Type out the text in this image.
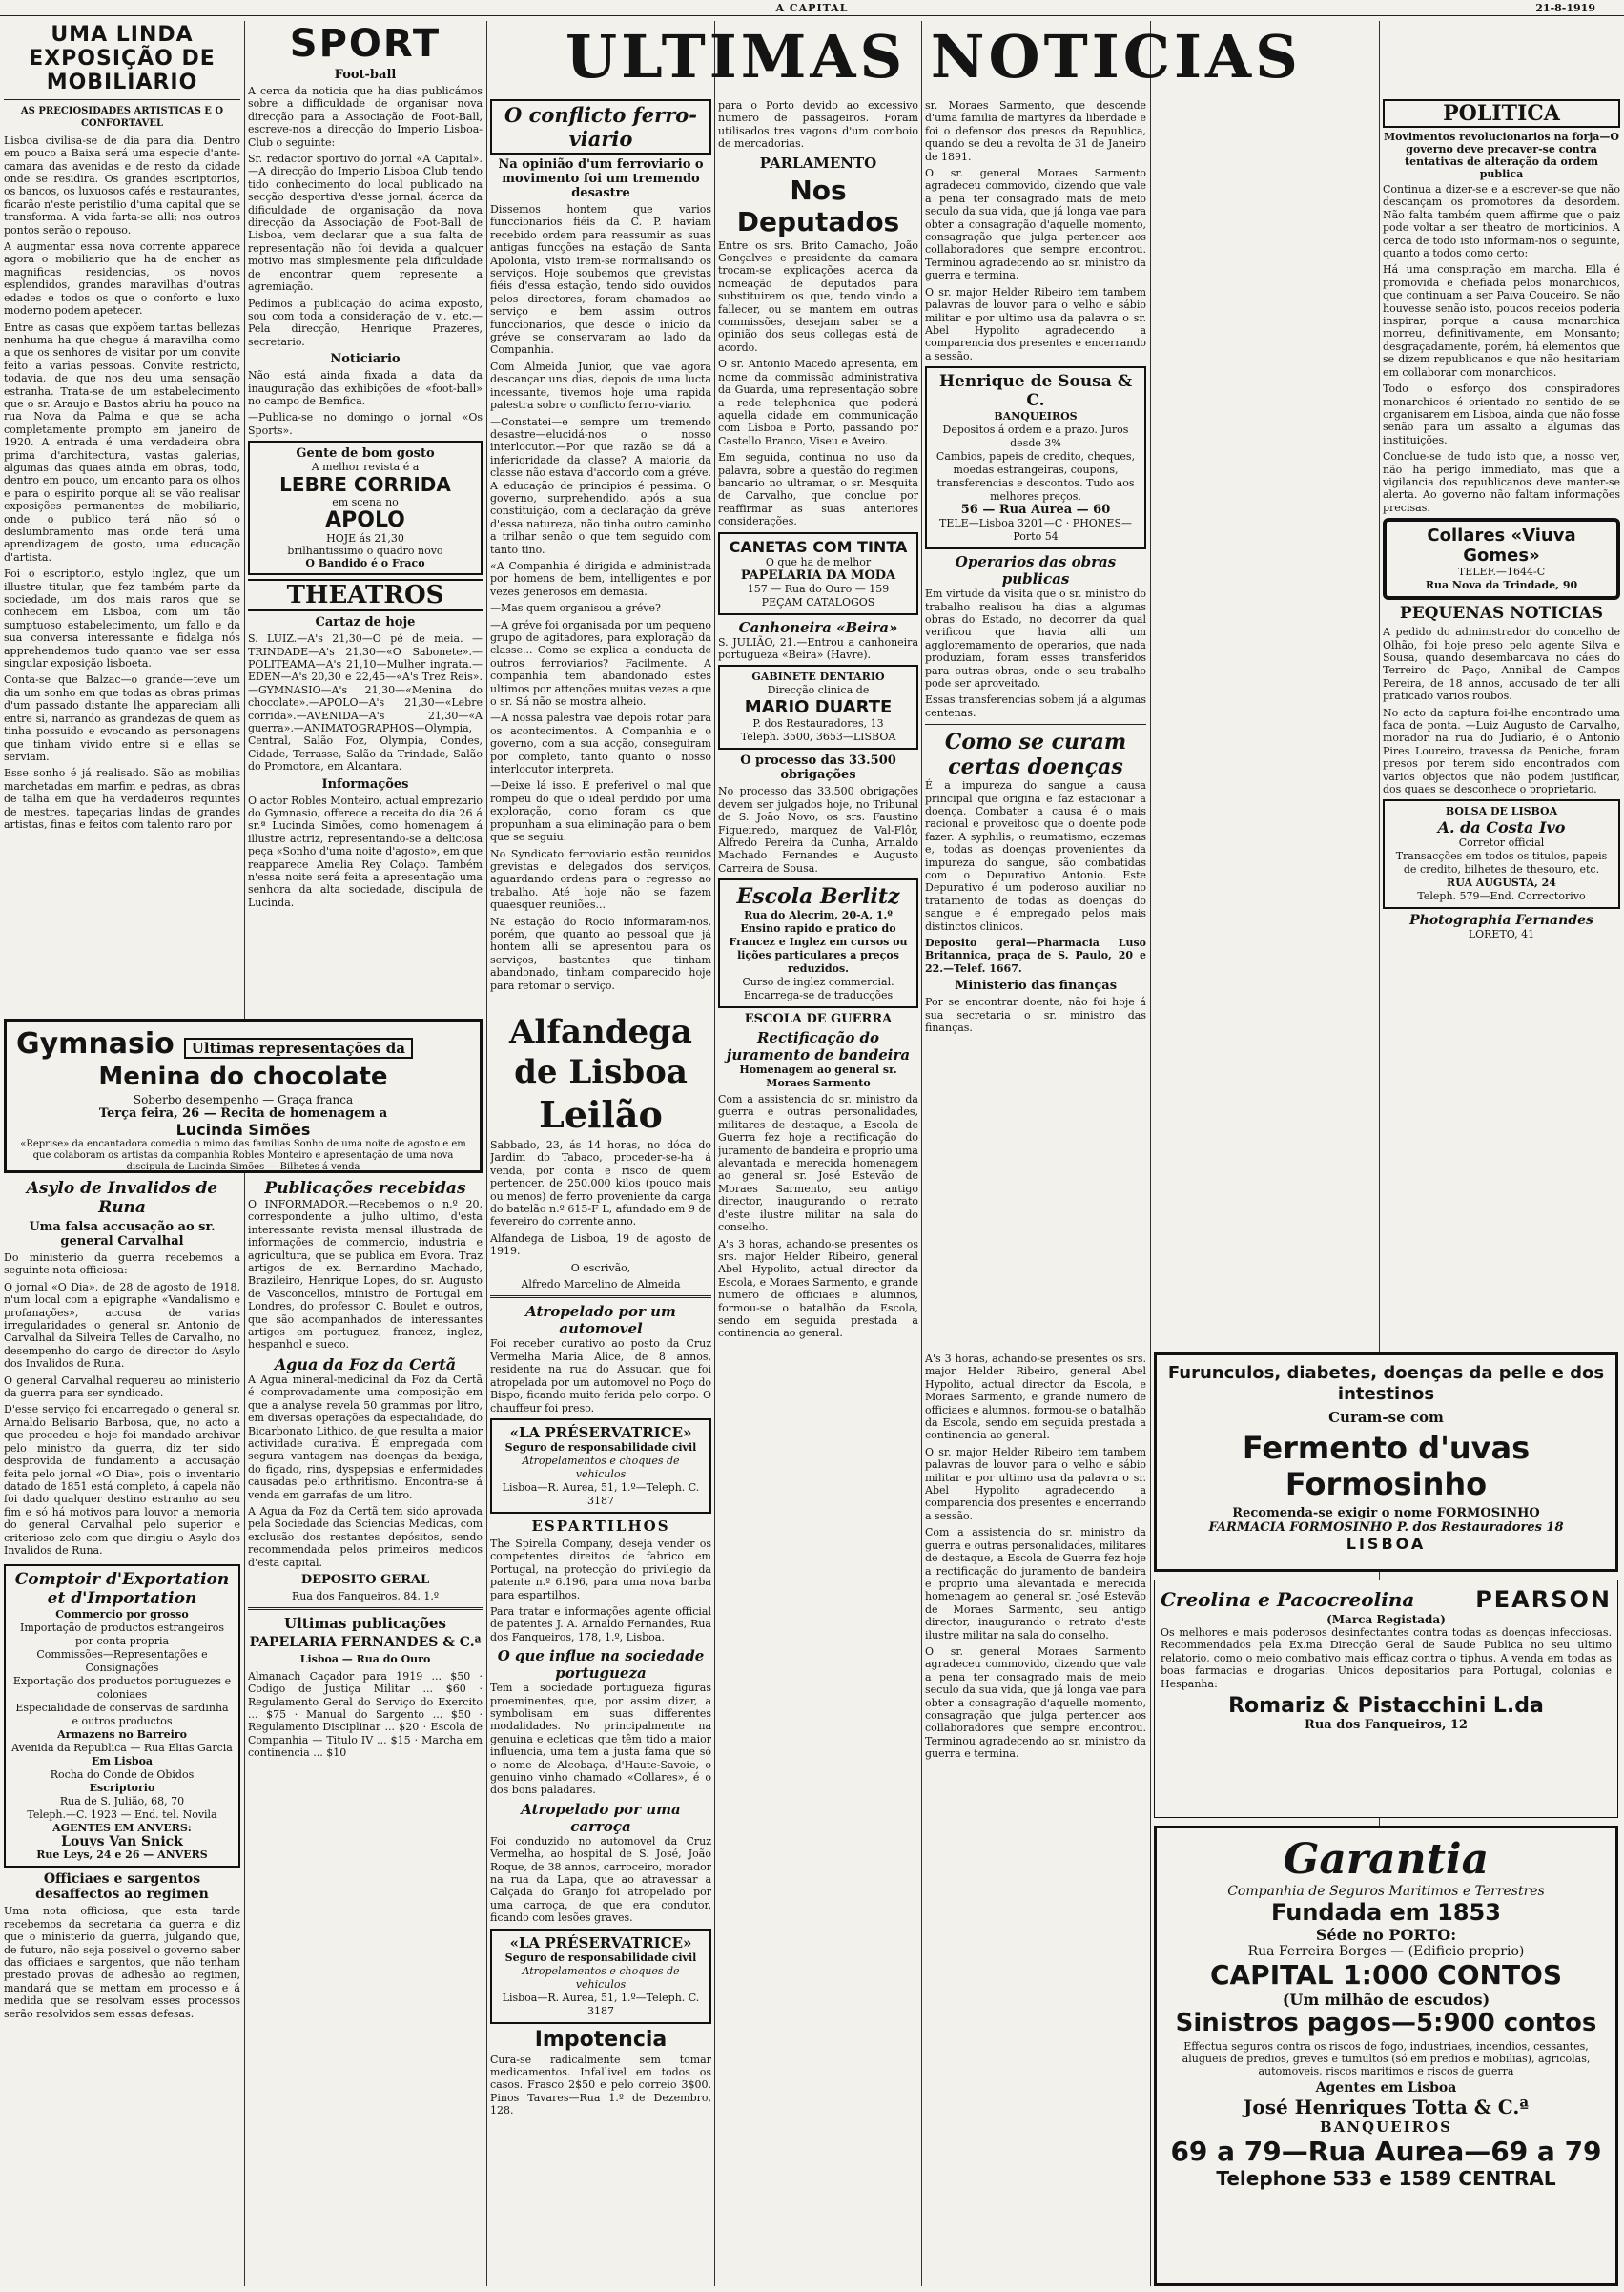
A CAPITAL	21-8-1919
UMA LINDA EXPOSIÇÃO DE MOBILIARIO
AS PRECIOSIDADES ARTISTICAS E O CONFORTAVEL

Lisboa civilisa-se de dia para dia. Dentro em pouco a Baixa será uma especie d'ante-camara das avenidas e de resto da cidade onde se residira. Os grandes escriptorios, os bancos, os luxuosos cafés e restaurantes, ficarão n'este peristilio d'uma capital que se transforma. A vida farta-se alli; nos outros pontos serão o repouso.

A augmentar essa nova corrente apparece agora o mobiliario que ha de encher as magnificas residencias, os novos esplendidos, grandes maravilhas d'outras edades e todos os que o conforto e luxo moderno podem apetecer.

Entre as casas que expõem tantas bellezas nenhuma ha que chegue á maravilha como a que os senhores de visitar por um convite feito a varias pessoas. Convite restricto, todavia, de que nos deu uma sensação estranha. Trata-se de um estabelecimento que o sr. Araujo e Bastos abriu ha pouco na rua Nova da Palma e que se acha completamente prompto em janeiro de 1920. A entrada é uma verdadeira obra prima d'architectura, vastas galerias, algumas das quaes ainda em obras, todo, dentro em pouco, um encanto para os olhos e para o espirito porque ali se vão realisar exposições permanentes de mobiliario, onde o publico terá não só o deslumbramento mas onde terá uma aprendizagem de gosto, uma educação d'artista.

Foi o escriptorio, estylo inglez, que um illustre titular, que fez também parte da sociedade, um dos mais raros que se conhecem em Lisboa, com um tão sumptuoso estabelecimento, um fallo e da sua conversa interessante e fidalga nós apprehendemos tudo quanto vae ser essa singular exposição lisboeta.

Conta-se que Balzac—o grande—teve um dia um sonho em que todas as obras primas d'um passado distante lhe appareciam alli entre si, narrando as grandezas de quem as tinha possuido e evocando as personagens que tinham vivido entre si e ellas se serviam.

Esse sonho é já realisado. São as mobilias marchetadas em marfim e pedras, as obras de talha em que ha verdadeiros requintes de mestres, tapeçarias lindas de grandes artistas, finas e feitos com talento raro por

Gymnasio	Ultimas representações da
Menina do chocolate
Soberbo desempenho — Graça franca
Terça feira, 26 — Recita de homenagem a
Lucinda Simões
«Reprise» da encantadora comedia o mimo das familias Sonho de uma noite de agosto e em que colaboram os artistas da companhia Robles Monteiro e apresentação de uma nova discipula de Lucinda Simões — Bilhetes á venda
Asylo de Invalidos de Runa
Uma falsa accusação ao sr. general Carvalhal

Do ministerio da guerra recebemos a seguinte nota officiosa:

O jornal «O Dia», de 28 de agosto de 1918, n'um local com a epigraphe «Vandalismo e profanações», accusa de varias irregularidades o general sr. Antonio de Carvalhal da Silveira Telles de Carvalho, no desempenho do cargo de director do Asylo dos Invalidos de Runa.

O general Carvalhal requereu ao ministerio da guerra para ser syndicado.

D'esse serviço foi encarregado o general sr. Arnaldo Belisario Barbosa, que, no acto a que procedeu e hoje foi mandado archivar pelo ministro da guerra, diz ter sido desprovida de fundamento a accusação feita pelo jornal «O Dia», pois o inventario datado de 1851 está completo, á capela não foi dado qualquer destino estranho ao seu fim e só há motivos para louvor a memoria do general Carvalhal pelo superior e criterioso zelo com que dirigiu o Asylo dos Invalidos de Runa.

Comptoir d'Exportation et d'Importation

Commercio por grosso

Importação de productos estrangeiros por conta propria

Commissões—Representações e Consignações

Exportação dos productos portuguezes e coloniaes

Especialidade de conservas de sardinha e outros productos

Armazens no Barreiro

Avenida da Republica — Rua Elias Garcia

Em Lisboa

Rocha do Conde de Obidos

Escriptorio

Rua de S. Julião, 68, 70

Teleph.—C. 1923 — End. tel. Novila

AGENTES EM ANVERS:

Louys Van Snick

Rue Leys, 24 e 26 — ANVERS

Officiaes e sargentos desaffectos ao regimen

Uma nota officiosa, que esta tarde recebemos da secretaria da guerra e diz que o ministerio da guerra, julgando que, de futuro, não seja possivel o governo saber das officiaes e sargentos, que não tenham prestado provas de adhesão ao regimen, mandará que se mettam em processo e á medida que se resolvam esses processos serão resolvidos sem essas defesas.

SPORT
Foot-ball

A cerca da noticia que ha dias publicámos sobre a difficuldade de organisar nova direcção para a Associação de Foot-Ball, escreve-nos a direcção do Imperio Lisboa-Club o seguinte:

Sr. redactor sportivo do jornal «A Capital».—A direcção do Imperio Lisboa Club tendo tido conhecimento do local publicado na secção desportiva d'esse jornal, ácerca da dificuldade de organisação da nova direcção da Associação de Foot-Ball de Lisboa, vem declarar que a sua falta de representação não foi devida a qualquer motivo mas simplesmente pela dificuldade de encontrar quem represente a agremiação.

Pedimos a publicação do acima exposto, sou com toda a consideração de v., etc.—Pela direcção, Henrique Prazeres, secretario.

Noticiario

Não está ainda fixada a data da inauguração das exhibições de «foot-ball» no campo de Bemfica.

—Publica-se no domingo o jornal «Os Sports».

Gente de bom gosto
A melhor revista é a
LEBRE CORRIDA
em scena no
APOLO
HOJE ás 21,30
brilhantissimo o quadro novo
O Bandido é o Fraco
THEATROS
Cartaz de hoje

S. LUIZ.—A's 21,30—O pé de meia. —TRINDADE—A's 21,30—«O Sabonete».—POLITEAMA—A's 21,10—Mulher ingrata.—EDEN—A's 20,30 e 22,45—«A's Trez Reis».—GYMNASIO—A's 21,30—«Menina do chocolate».—APOLO—A's 21,30—«Lebre corrida».—AVENIDA—A's 21,30—«A guerra».—ANIMATOGRAPHOS—Olympia, Central, Salão Foz, Olympia, Condes, Cidade, Terrasse, Salão da Trindade, Salão do Promotora, em Alcantara.

Informações

O actor Robles Monteiro, actual emprezario do Gymnasio, offerece a receita do dia 26 á sr.ª Lucinda Simões, como homenagem á illustre actriz, representando-se a deliciosa peça «Sonho d'uma noite d'agosto», em que reapparece Amelia Rey Colaço. Também n'essa noite será feita a apresentação uma senhora da alta sociedade, discipula de Lucinda.

Publicações recebidas

O INFORMADOR.—Recebemos o n.º 20, correspondente a julho ultimo, d'esta interessante revista mensal illustrada de informações de commercio, industria e agricultura, que se publica em Evora. Traz artigos de ex. Bernardino Machado, Brazileiro, Henrique Lopes, do sr. Augusto de Vasconcellos, ministro de Portugal em Londres, do professor C. Boulet e outros, que são acompanhados de interessantes artigos em portuguez, francez, inglez, hespanhol e sueco.

Agua da Foz da Certã

A Agua mineral-medicinal da Foz da Certã é comprovadamente uma composição em que a analyse revela 50 grammas por litro, em diversas operações da especialidade, do Bicarbonato Lithico, de que resulta a maior actividade curativa. É empregada com segura vantagem nas doenças da bexiga, do figado, rins, dyspepsias e enfermidades causadas pelo arthritismo. Encontra-se á venda em garrafas de um litro.

A Agua da Foz da Certã tem sido aprovada pela Sociedade das Sciencias Medicas, com exclusão dos restantes depósitos, sendo recommendada pelos primeiros medicos d'esta capital.

DEPOSITO GERAL
Rua dos Fanqueiros, 84, 1.º
Ultimas publicações
PAPELARIA FERNANDES & C.ª
Lisboa — Rua do Ouro

Almanach Caçador para 1919 ... $50 · Codigo de Justiça Militar ... $60 · Regulamento Geral do Serviço do Exercito ... $75 · Manual do Sargento ... $50 · Regulamento Disciplinar ... $20 · Escola de Companhia — Titulo IV ... $15 · Marcha em continencia ... $10

ULTIMAS NOTICIAS
O conflicto ferro-viario
Na opinião d'um ferroviario o movimento foi um tremendo desastre

Dissemos hontem que varios funccionarios fiéis da C. P. haviam recebido ordem para reassumir as suas antigas funcções na estação de Santa Apolonia, visto irem-se normalisando os serviços. Hoje soubemos que grevistas fiéis d'essa estação, tendo sido ouvidos pelos directores, foram chamados ao serviço e bem assim outros funccionarios, que desde o inicio da gréve se conservaram ao lado da Companhia.

Com Almeida Junior, que vae agora descançar uns dias, depois de uma lucta incessante, tivemos hoje uma rapida palestra sobre o conflicto ferro-viario.

—Constatei—e sempre um tremendo desastre—elucidá-nos o nosso interlocutor.—Por que razão se dá a inferioridade da classe? A maioria da classe não estava d'accordo com a gréve. A educação de principios é pessima. O governo, surprehendido, após a sua constituição, com a declaração da gréve d'essa natureza, não tinha outro caminho a trilhar senão o que tem seguido com tanto tino.

«A Companhia é dirigida e administrada por homens de bem, intelligentes e por vezes generosos em demasia.

—Mas quem organisou a gréve?

—A gréve foi organisada por um pequeno grupo de agitadores, para exploração da classe... Como se explica a conducta de outros ferroviarios? Facilmente. A companhia tem abandonado estes ultimos por attenções muitas vezes a que o sr. Sá não se mostra alheio.

—A nossa palestra vae depois rotar para os acontecimentos. A Companhia e o governo, com a sua acção, conseguiram por completo, tanto quanto o nosso interlocutor interpreta.

—Deixe lá isso. É preferivel o mal que rompeu do que o ideal perdido por uma exploração, como foram os que propunham a sua eliminação para o bem que se seguiu.

No Syndicato ferroviario estão reunidos grevistas e delegados dos serviços, aguardando ordens para o regresso ao trabalho. Até hoje não se fazem quaesquer reuniões...

Na estação do Rocio informaram-nos, porém, que quanto ao pessoal que já hontem alli se apresentou para os serviços, bastantes que tinham abandonado, tinham comparecido hoje para retomar o serviço.

para o Porto devido ao excessivo numero de passageiros. Foram utilisados tres vagons d'um comboio de mercadorias.

PARLAMENTO
Nos Deputados

Entre os srs. Brito Camacho, João Gonçalves e presidente da camara trocam-se explicações acerca da nomeação de deputados para substituirem os que, tendo vindo a fallecer, ou se mantem em outras commissões, desejam saber se a opinião dos seus collegas está de acordo.

O sr. Antonio Macedo apresenta, em nome da commissão administrativa da Guarda, uma representação sobre a rede telephonica que poderá aquella cidade em communicação com Lisboa e Porto, passando por Castello Branco, Viseu e Aveiro.

Em seguida, continua no uso da palavra, sobre a questão do regimen bancario no ultramar, o sr. Mesquita de Carvalho, que conclue por reaffirmar as suas anteriores considerações.

CANETAS COM TINTA

O que ha de melhor

PAPELARIA DA MODA

157 — Rua do Ouro — 159

PEÇAM CATALOGOS

Canhoneira «Beira»

S. JULIÃO, 21.—Entrou a canhoneira portugueza «Beira» (Havre).

GABINETE DENTARIO

Direcção clinica de

MARIO DUARTE

P. dos Restauradores, 13

Teleph. 3500, 3653—LISBOA

O processo das 33.500 obrigações

No processo das 33.500 obrigações devem ser julgados hoje, no Tribunal de S. João Novo, os srs. Faustino Figueiredo, marquez de Val-Flôr, Alfredo Pereira da Cunha, Arnaldo Machado Fernandes e Augusto Carreira de Sousa.

Escola Berlitz

Rua do Alecrim, 20-A, 1.º

Ensino rapido e pratico do Francez e Inglez em cursos ou lições particulares a preços reduzidos.

Curso de inglez commercial.

Encarrega-se de traducções

ESCOLA DE GUERRA
Rectificação do juramento de bandeira
Homenagem ao general sr. Moraes Sarmento

Com a assistencia do sr. ministro da guerra e outras personalidades, militares de destaque, a Escola de Guerra fez hoje a rectificação do juramento de bandeira e proprio uma alevantada e merecida homenagem ao general sr. José Estevão de Moraes Sarmento, seu antigo director, inaugurando o retrato d'este ilustre militar na sala do conselho.

A's 3 horas, achando-se presentes os srs. major Helder Ribeiro, general Abel Hypolito, actual director da Escola, e Moraes Sarmento, e grande numero de officiaes e alumnos, formou-se o batalhão da Escola, sendo em seguida prestada a continencia ao general.

sr. Moraes Sarmento, que descende d'uma familia de martyres da liberdade e foi o defensor dos presos da Republica, quando se deu a revolta de 31 de Janeiro de 1891.

O sr. general Moraes Sarmento agradeceu commovido, dizendo que vale a pena ter consagrado mais de meio seculo da sua vida, que já longa vae para obter a consagração d'aquelle momento, consagração que julga pertencer aos collaboradores que sempre encontrou. Terminou agradecendo ao sr. ministro da guerra e termina.

O sr. major Helder Ribeiro tem tambem palavras de louvor para o velho e sábio militar e por ultimo usa da palavra o sr. Abel Hypolito agradecendo a comparencia dos presentes e encerrando a sessão.

Henrique de Sousa & C.

BANQUEIROS

Depositos á ordem e a prazo. Juros desde 3%

Cambios, papeis de credito, cheques, moedas estrangeiras, coupons, transferencias e descontos. Tudo aos melhores preços.

56 — Rua Aurea — 60

TELE—Lisboa 3201—C · PHONES—Porto 54

Operarios das obras publicas

Em virtude da visita que o sr. ministro do trabalho realisou ha dias a algumas obras do Estado, no decorrer da qual verificou que havia alli um aggloremamento de operarios, que nada produziam, foram esses transferidos para outras obras, onde o seu trabalho pode ser aproveitado.

Essas transferencias sobem já a algumas centenas.

Como se curam certas doenças

É a impureza do sangue a causa principal que origina e faz estacionar a doença. Combater a causa é o mais racional e proveitoso que o doente pode fazer. A syphilis, o reumatismo, eczemas e, todas as doenças provenientes da impureza do sangue, são combatidas com o Depurativo Antonio. Este Depurativo é um poderoso auxiliar no tratamento de todas as doenças do sangue e é empregado pelos mais distinctos clinicos.

Deposito geral—Pharmacia Luso Britannica, praça de S. Paulo, 20 e 22.—Telef. 1667.

Ministerio das finanças

Por se encontrar doente, não foi hoje á sua secretaria o sr. ministro das finanças.

POLITICA
Movimentos revolucionarios na forja—O governo deve precaver-se contra tentativas de alteração da ordem publica

Continua a dizer-se e a escrever-se que não descançam os promotores da desordem. Não falta também quem affirme que o paiz pode voltar a ser theatro de morticinios. A cerca de todo isto informam-nos o seguinte, quanto a todos como certo:

Há uma conspiração em marcha. Ella é promovida e chefiada pelos monarchicos, que continuam a ser Paiva Couceiro. Se não houvesse senão isto, poucos receios poderia inspirar, porque a causa monarchica morreu, definitivamente, em Monsanto; desgraçadamente, porém, há elementos que se dizem republicanos e que não hesitariam em collaborar com monarchicos.

Todo o esforço dos conspiradores monarchicos é orientado no sentido de se organisarem em Lisboa, ainda que não fosse senão para um assalto a algumas das instituições.

Conclue-se de tudo isto que, a nosso ver, não ha perigo immediato, mas que a vigilancia dos republicanos deve manter-se alerta. Ao governo não faltam informações precisas.

Collares «Viuva Gomes»

TELEF.—1644-C

Rua Nova da Trindade, 90

PEQUENAS NOTICIAS

A pedido do administrador do concelho de Olhão, foi hoje preso pelo agente Silva e Sousa, quando desembarcava no cáes do Terreiro do Paço, Annibal de Campos Pereira, de 18 annos, accusado de ter alli praticado varios roubos.

No acto da captura foi-lhe encontrado uma faca de ponta. —Luiz Augusto de Carvalho, morador na rua do Judiario, é o Antonio Pires Loureiro, travessa da Peniche, foram presos por terem sido encontrados com varios objectos que não podem justificar, dos quaes se desconhece o proprietario.

BOLSA DE LISBOA

A. da Costa Ivo

Corretor official

Transacções em todos os titulos, papeis de credito, bilhetes de thesouro, etc.

RUA AUGUSTA, 24

Teleph. 579—End. Correctorivo

Photographia Fernandes
LORETO, 41
Alfandega
de Lisboa
Leilão

Sabbado, 23, ás 14 horas, no dóca do Jardim do Tabaco, proceder-se-ha á venda, por conta e risco de quem pertencer, de 250.000 kilos (pouco mais ou menos) de ferro proveniente da carga do batelão n.º 615-F L, afundado em 9 de fevereiro do corrente anno.

Alfandega de Lisboa, 19 de agosto de 1919.

O escrivão,

Alfredo Marcelino de Almeida

Atropelado por um automovel

Foi receber curativo ao posto da Cruz Vermelha Maria Alice, de 8 annos, residente na rua do Assucar, que foi atropelada por um automovel no Poço do Bispo, ficando muito ferida pelo corpo. O chauffeur foi preso.

«LA PRÉSERVATRICE»

Seguro de responsabilidade civil

Atropelamentos e choques de vehiculos

Lisboa—R. Aurea, 51, 1.º—Teleph. C. 3187

ESPARTILHOS

The Spirella Company, deseja vender os competentes direitos de fabrico em Portugal, na protecção do privilegio da patente n.º 6.196, para uma nova barba para espartilhos.

Para tratar e informações agente official de patentes J. A. Arnaldo Fernandes, Rua dos Fanqueiros, 178, 1.º, Lisboa.

O que influe na sociedade portugueza

Tem a sociedade portugueza figuras proeminentes, que, por assim dizer, a symbolisam em suas differentes modalidades. No principalmente na genuina e ecleticas que têm tido a maior influencia, uma tem a justa fama que só o nome de Alcobaça, d'Haute-Savoie, o genuino vinho chamado «Collares», é o dos bons paladares.

Atropelado por uma carroça

Foi conduzido no automovel da Cruz Vermelha, ao hospital de S. José, João Roque, de 38 annos, carroceiro, morador na rua da Lapa, que ao atravessar a Calçada do Granjo foi atropelado por uma carroça, de que era condutor, ficando com lesões graves.

«LA PRÉSERVATRICE»

Seguro de responsabilidade civil

Atropelamentos e choques de vehiculos

Lisboa—R. Aurea, 51, 1.º—Teleph. C. 3187

Impotencia

Cura-se radicalmente sem tomar medicamentos. Infallivel em todos os casos. Frasco 2$50 e pelo correio 3$00. Pinos Tavares—Rua 1.º de Dezembro, 128.

Furunculos, diabetes, doenças da pelle e dos intestinos
Curam-se com
Fermento d'uvas Formosinho
Recomenda-se exigir o nome FORMOSINHO
FARMACIA FORMOSINHO P. dos Restauradores 18
LISBOA
Creolina e Pacocreolina	PEARSON
(Marca Registada)

Os melhores e mais poderosos desinfectantes contra todas as doenças infecciosas. Recommendados pela Ex.ma Direcção Geral de Saude Publica no seu ultimo relatorio, como o meio combativo mais efficaz contra o tiphus. A venda em todas as boas farmacias e drogarias. Unicos depositarios para Portugal, colonias e Hespanha:

Romariz & Pistacchini L.da
Rua dos Fanqueiros, 12
Garantia
Companhia de Seguros Maritimos e Terrestres
Fundada em 1853
Séde no PORTO:
Rua Ferreira Borges — (Edificio proprio)
CAPITAL 1:000 CONTOS
(Um milhão de escudos)
Sinistros pagos—5:900 contos
Effectua seguros contra os riscos de fogo, industriaes, incendios, cessantes, alugueis de predios, greves e tumultos (só em predios e mobilias), agricolas, automoveis, riscos maritimos e riscos de guerra
Agentes em Lisboa
José Henriques Totta & C.ª
BANQUEIROS
69 a 79—Rua Aurea—69 a 79
Telephone 533 e 1589 CENTRAL

A's 3 horas, achando-se presentes os srs. major Helder Ribeiro, general Abel Hypolito, actual director da Escola, e Moraes Sarmento, e grande numero de officiaes e alumnos, formou-se o batalhão da Escola, sendo em seguida prestada a continencia ao general.

O sr. major Helder Ribeiro tem tambem palavras de louvor para o velho e sábio militar e por ultimo usa da palavra o sr. Abel Hypolito agradecendo a comparencia dos presentes e encerrando a sessão.

Com a assistencia do sr. ministro da guerra e outras personalidades, militares de destaque, a Escola de Guerra fez hoje a rectificação do juramento de bandeira e proprio uma alevantada e merecida homenagem ao general sr. José Estevão de Moraes Sarmento, seu antigo director, inaugurando o retrato d'este ilustre militar na sala do conselho.

O sr. general Moraes Sarmento agradeceu commovido, dizendo que vale a pena ter consagrado mais de meio seculo da sua vida, que já longa vae para obter a consagração d'aquelle momento, consagração que julga pertencer aos collaboradores que sempre encontrou. Terminou agradecendo ao sr. ministro da guerra e termina.
